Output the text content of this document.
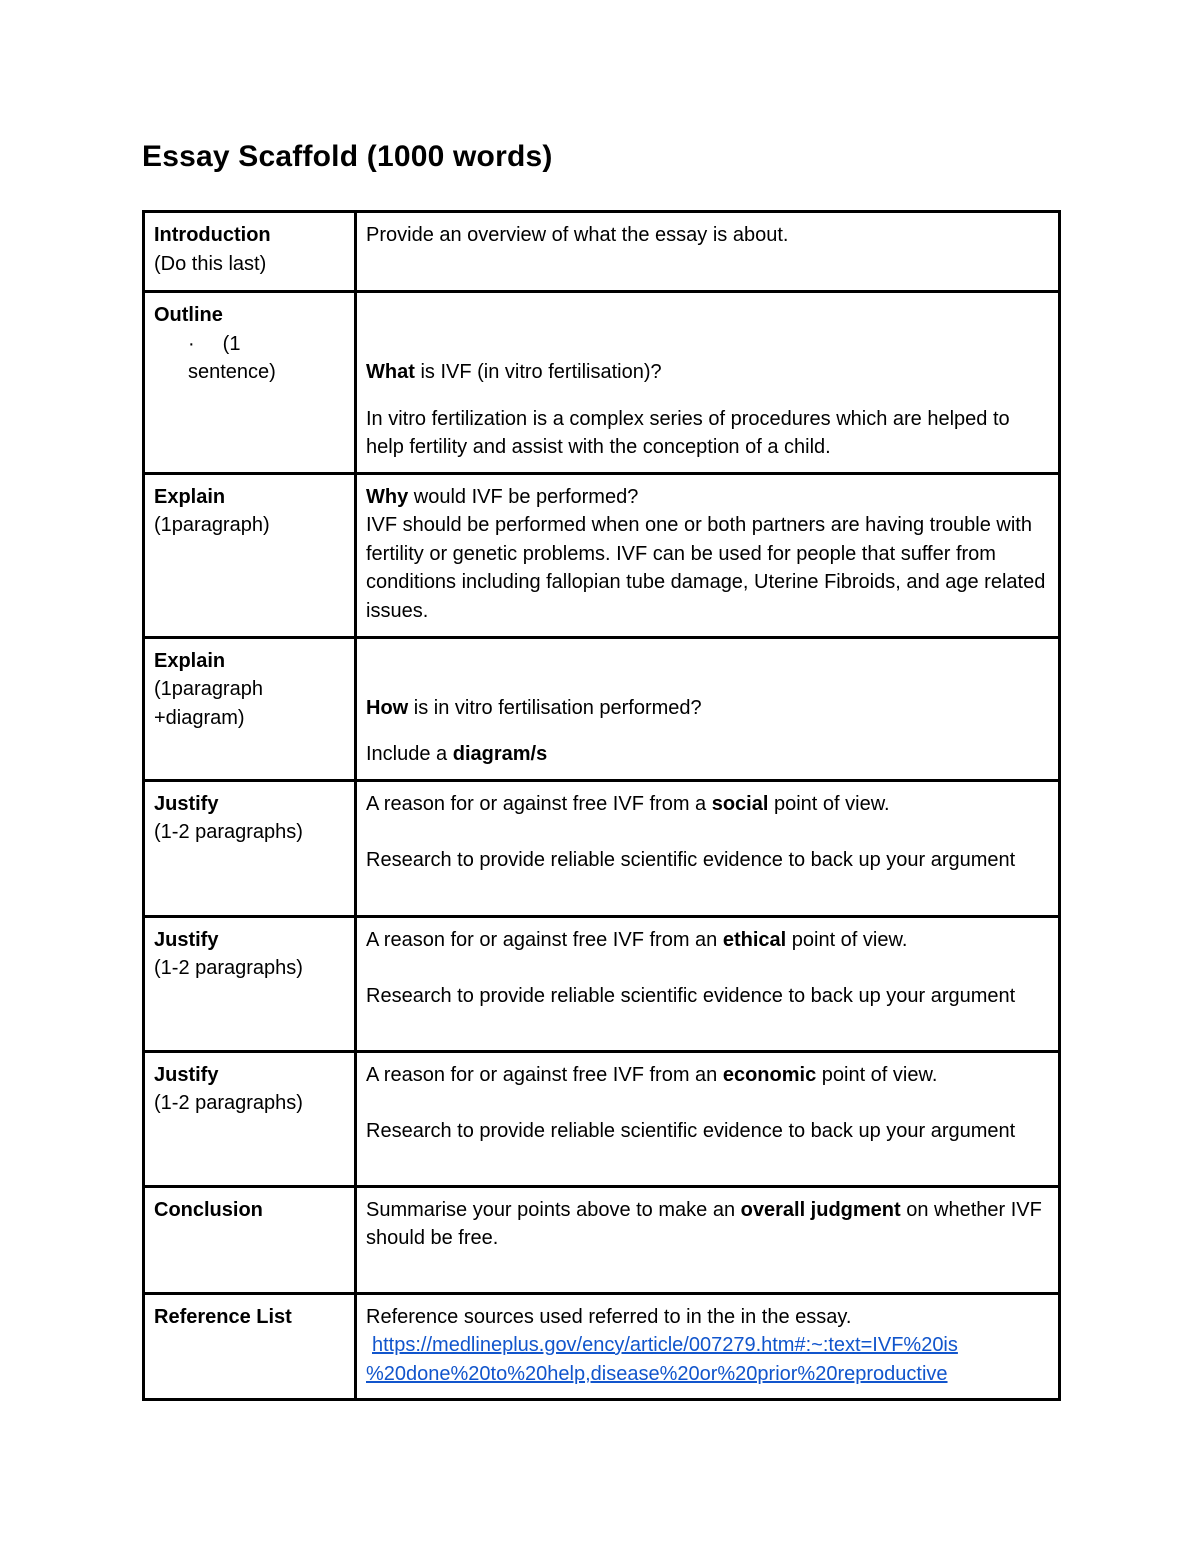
Essay Scaffold (1000 words)
Introduction
(Do this last)	Provide an overview of what the essay is about.

Outline
· (1
sentence)	What is IVF (in vitro fertilisation)?
In vitro fertilization is a complex series of procedures which are helped to help fertility and assist with the conception of a child.

Explain
(1paragraph)	Why would IVF be performed?
IVF should be performed when one or both partners are having trouble with fertility or genetic problems. IVF can be used for people that suffer from conditions including fallopian tube damage, Uterine Fibroids, and age related issues.

Explain
(1paragraph +diagram)	How is in vitro fertilisation performed?
Include a diagram/s

Justify
(1-2 paragraphs)	A reason for or against free IVF from a social point of view.
Research to provide reliable scientific evidence to back up your argument

Justify
(1-2 paragraphs)	A reason for or against free IVF from an ethical point of view.
Research to provide reliable scientific evidence to back up your argument

Justify
(1-2 paragraphs)	A reason for or against free IVF from an economic point of view.
Research to provide reliable scientific evidence to back up your argument

Conclusion	Summarise your points above to make an overall judgment on whether IVF should be free.

Reference List	Reference sources used referred to in the in the essay.
https://medlineplus.gov/ency/article/007279.htm#:~:text=IVF%20is
%20done%20to%20help,disease%20or%20prior%20reproductive
